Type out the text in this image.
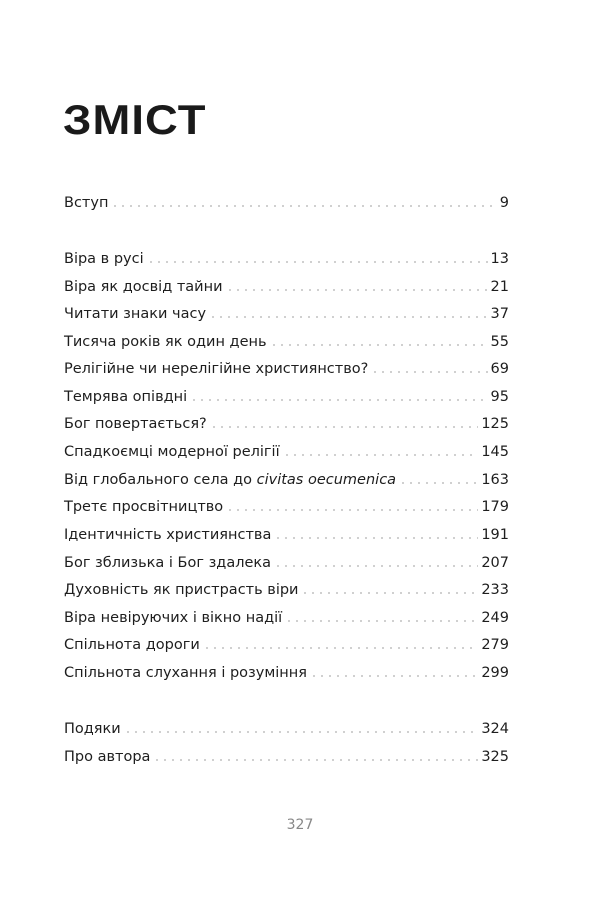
ЗМІСТ
Вступ	9
Віра в русі	13
Віра як досвід тайни	21
Читати знаки часу	37
Тисяча років як один день	55
Релігійне чи нерелігійне християнство?	69
Темрява опівдні	95
Бог повертається?	125
Спадкоємці модерної релігії	145
Від глобального села до civitas oecumenica	163
Третє просвітництво	179
Ідентичність християнства	191
Бог зблизька і Бог здалека	207
Духовність як пристрасть віри	233
Віра невіруючих і вікно надії	249
Спільнота дороги	279
Спільнота слухання і розуміння	299
Подяки	324
Про автора	325
327
